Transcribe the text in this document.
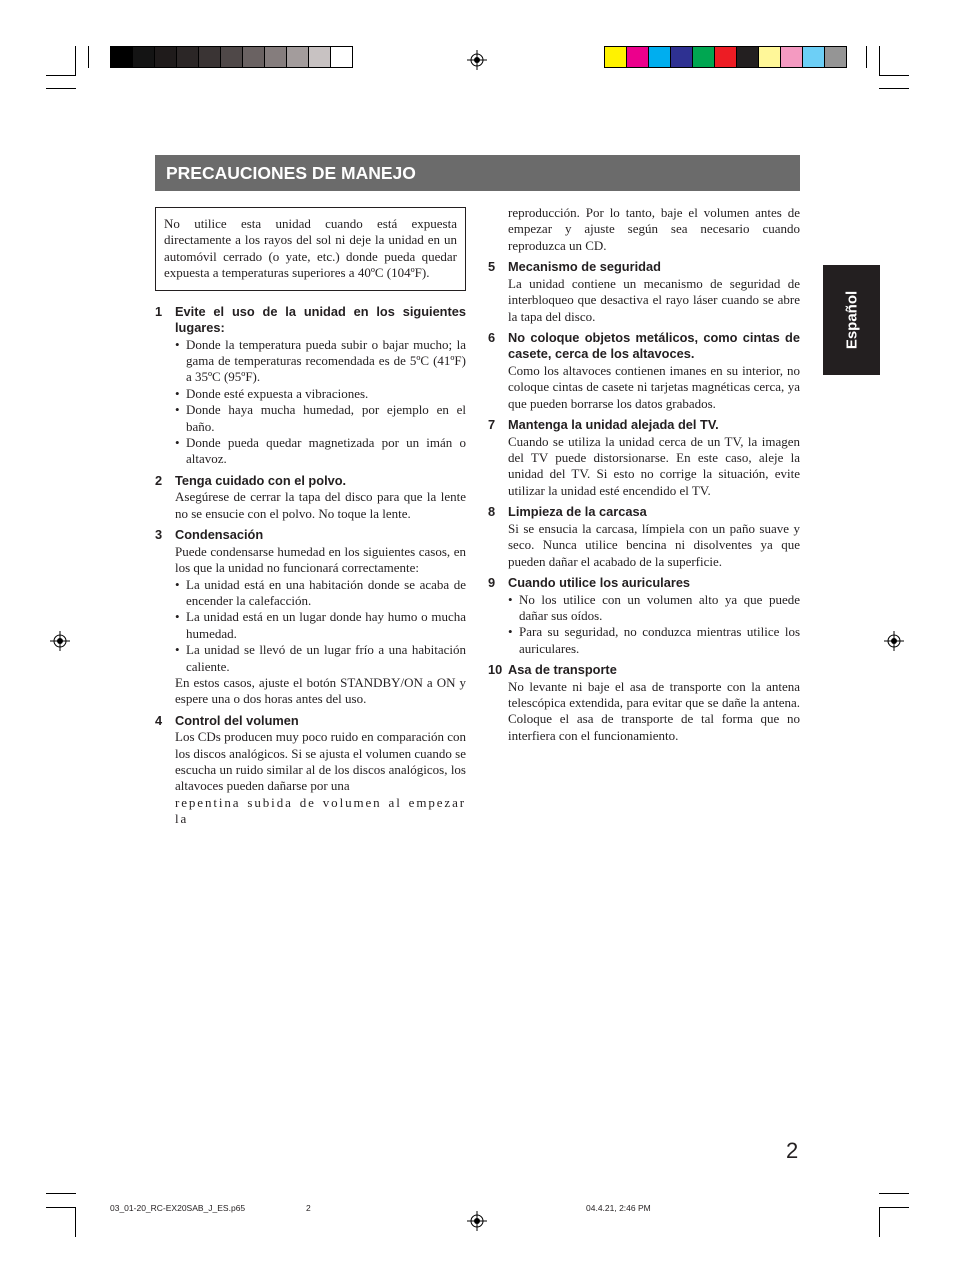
PRECAUCIONES DE MANEJO
Español
No utilice esta unidad cuando está expuesta directamente a los rayos del sol ni deje la unidad en un automóvil cerrado (o yate, etc.) donde pueda quedar expuesta a temperaturas superiores a 40ºC (104ºF).
1	Evite el uso de la unidad en los siguientes lugares:
• Donde la temperatura pueda subir o bajar mucho; la gama de temperaturas recomendada es de 5ºC (41ºF) a 35ºC (95ºF).
• Donde esté expuesta a vibraciones.
• Donde haya mucha humedad, por ejemplo en el baño.
• Donde pueda quedar magnetizada por un imán o altavoz.
2	Tenga cuidado con el polvo.
Asegúrese de cerrar la tapa del disco para que la lente no se ensucie con el polvo. No toque la lente.
3	Condensación
Puede condensarse humedad en los siguientes casos, en los que la unidad no funcionará correctamente:
• La unidad está en una habitación donde se acaba de encender la calefacción.
• La unidad está en un lugar donde hay humo o mucha humedad.
• La unidad se llevó de un lugar frío a una habitación caliente.
En estos casos, ajuste el botón STANDBY/ON a ON y espere una o dos horas antes del uso.
4	Control del volumen
Los CDs producen muy poco ruido en comparación con los discos analógicos. Si se ajusta el volumen cuando se escucha un ruido similar al de los discos analógicos, los altavoces pueden dañarse por una
repentina subida de volumen al empezar la
reproducción. Por lo tanto, baje el volumen antes de empezar y ajuste según sea necesario cuando reproduzca un CD.
5	Mecanismo de seguridad
La unidad contiene un mecanismo de seguridad de interbloqueo que desactiva el rayo láser cuando se abre la tapa del disco.
6	No coloque objetos metálicos, como cintas de casete, cerca de los altavoces.
Como los altavoces contienen imanes en su interior, no coloque cintas de casete ni tarjetas magnéticas cerca, ya que pueden borrarse los datos grabados.
7	Mantenga la unidad alejada del TV.
Cuando se utiliza la unidad cerca de un TV, la imagen del TV puede distorsionarse. En este caso, aleje la unidad del TV. Si esto no corrige la situación, evite utilizar la unidad esté encendido el TV.
8	Limpieza de la carcasa
Si se ensucia la carcasa, límpiela con un paño suave y seco. Nunca utilice bencina ni disolventes ya que pueden dañar el acabado de la superficie.
9	Cuando utilice los auriculares
• No los utilice con un volumen alto ya que puede dañar sus oídos.
• Para su seguridad, no conduzca mientras utilice los auriculares.
10 Asa de transporte
No levante ni baje el asa de transporte con la antena telescópica extendida, para evitar que se dañe la antena. Coloque el asa de transporte de tal forma que no interfiera con el funcionamiento.
2
03_01-20_RC-EX20SAB_J_ES.p65	2	04.4.21, 2:46 PM
